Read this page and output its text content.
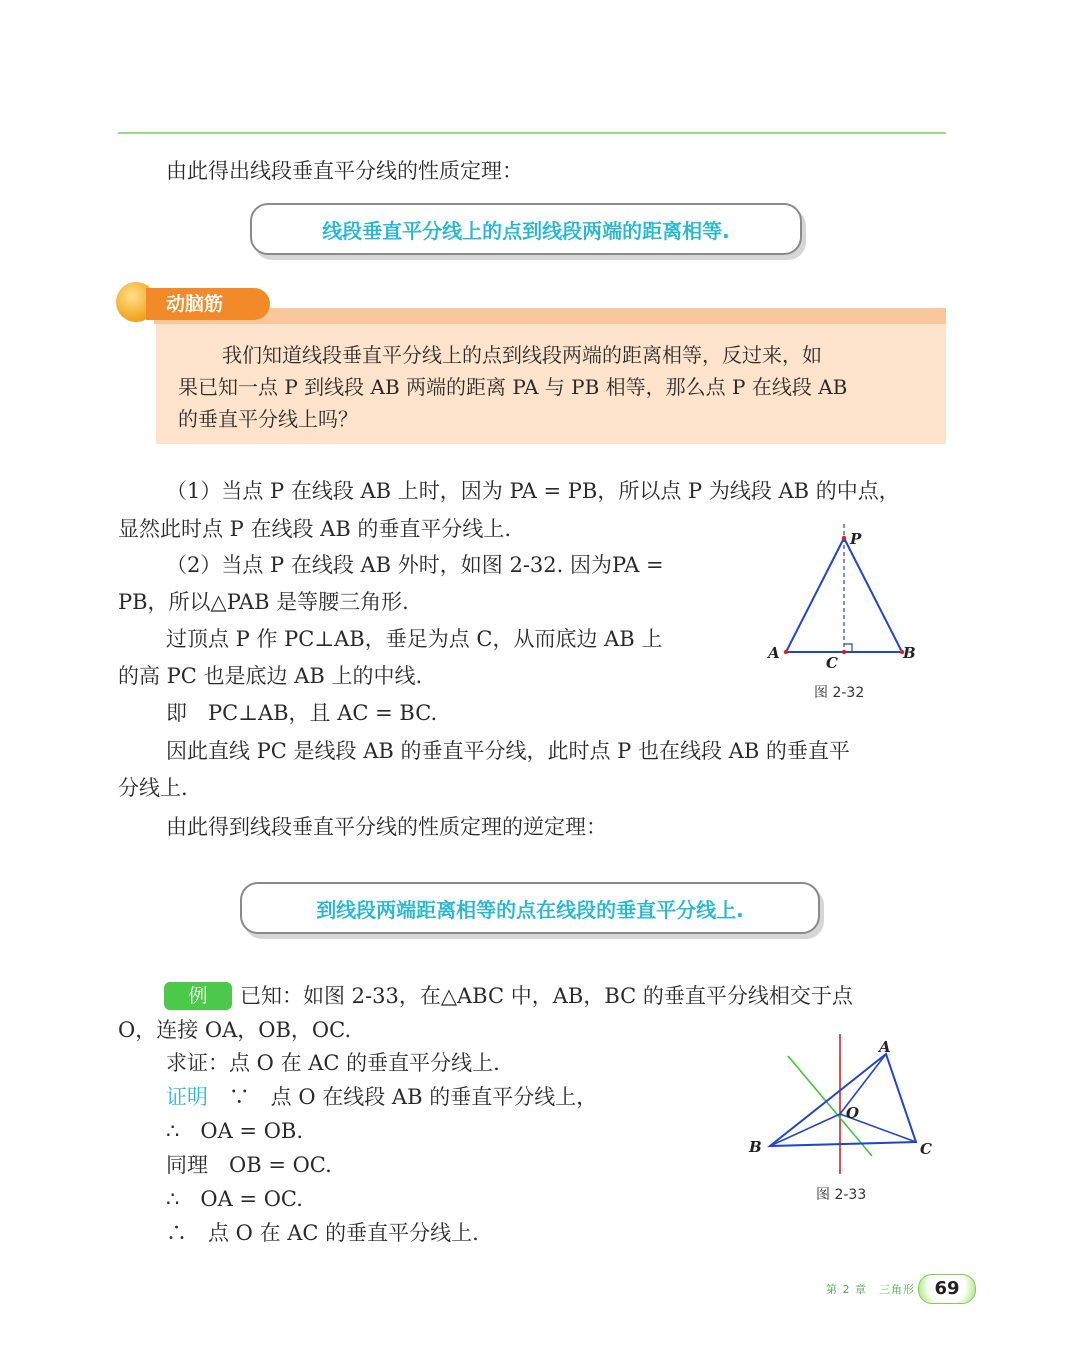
由此得出线段垂直平分线的性质定理：
线段垂直平分线上的点到线段两端的距离相等.
动脑筋
我们知道线段垂直平分线上的点到线段两端的距离相等，反过来，如
果已知一点 P 到线段 AB 两端的距离 PA 与 PB 相等，那么点 P 在线段 AB
的垂直平分线上吗？
（1）当点 P 在线段 AB 上时，因为 PA = PB，所以点 P 为线段 AB 的中点，
显然此时点 P 在线段 AB 的垂直平分线上.
（2）当点 P 在线段 AB 外时，如图 2-32. 因为PA =
PB，所以△PAB 是等腰三角形.
过顶点 P 作 PC⊥AB，垂足为点 C，从而底边 AB 上
的高 PC 也是底边 AB 上的中线.
即　PC⊥AB，且 AC = BC.
因此直线 PC 是线段 AB 的垂直平分线，此时点 P 也在线段 AB 的垂直平
分线上.
P
A	B
C
图 2-32
由此得到线段垂直平分线的性质定理的逆定理：
到线段两端距离相等的点在线段的垂直平分线上.
例	已知：如图 2-33，在△ABC 中，AB，BC 的垂直平分线相交于点
O，连接 OA，OB，OC.
求证：点 O 在 AC 的垂直平分线上.
证明 ∵　点 O 在线段 AB 的垂直平分线上，
∴　OA = OB.
同理　OB = OC.
∴　OA = OC.
∴　点 O 在 AC 的垂直平分线上.
A
B	C
O
图 2-33
第 2 章　三角形	69
